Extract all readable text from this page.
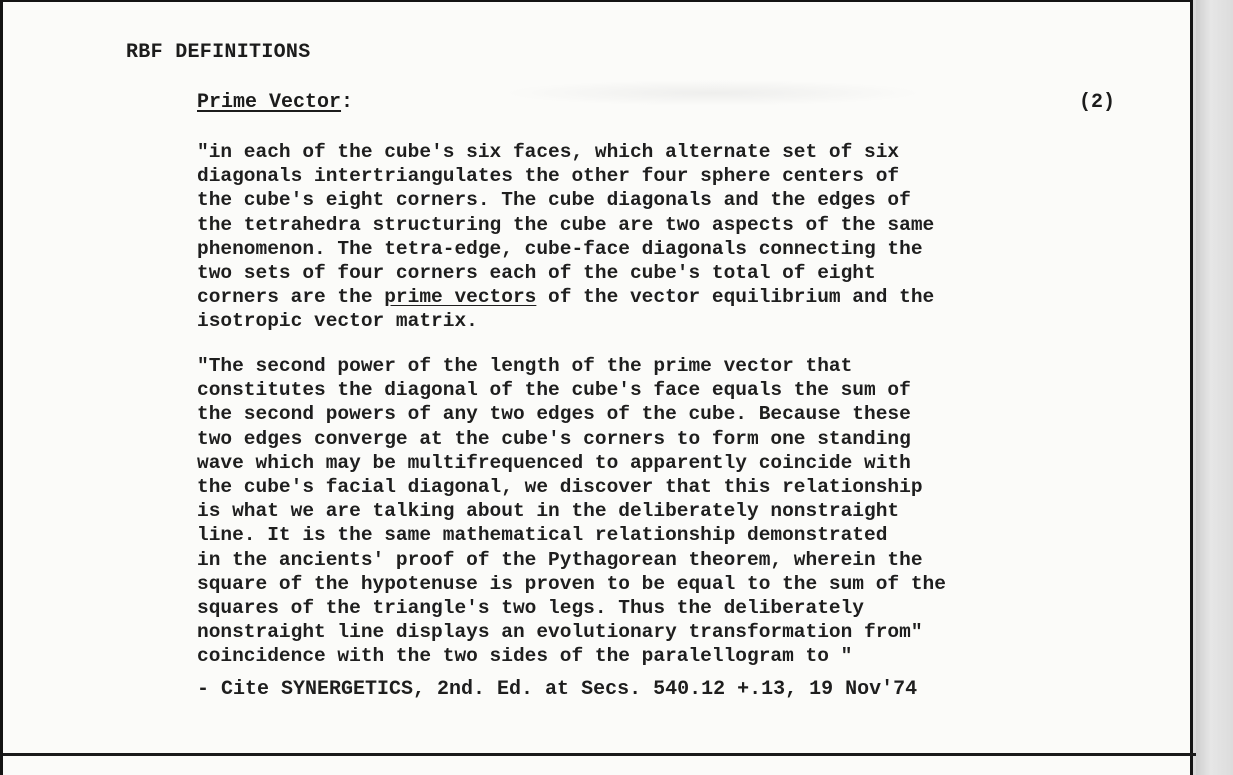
RBF DEFINITIONS
Prime Vector:	(2)

"in each of the cube's six faces, which alternate set of six
diagonals intertriangulates the other four sphere centers of
the cube's eight corners. The cube diagonals and the edges of
the tetrahedra structuring the cube are two aspects of the same
phenomenon. The tetra-edge, cube-face diagonals connecting the
two sets of four corners each of the cube's total of eight
corners are the prime vectors of the vector equilibrium and the
isotropic vector matrix.

"The second power of the length of the prime vector that
constitutes the diagonal of the cube's face equals the sum of
the second powers of any two edges of the cube. Because these
two edges converge at the cube's corners to form one standing
wave which may be multifrequenced to apparently coincide with
the cube's facial diagonal, we discover that this relationship
is what we are talking about in the deliberately nonstraight
line. It is the same mathematical relationship demonstrated
in the ancients' proof of the Pythagorean theorem, wherein the
square of the hypotenuse is proven to be equal to the sum of the
squares of the triangle's two legs. Thus the deliberately
nonstraight line displays an evolutionary transformation from"
coincidence with the two sides of the paralellogram to "

- Cite SYNERGETICS, 2nd. Ed. at Secs. 540.12 +.13, 19 Nov'74
